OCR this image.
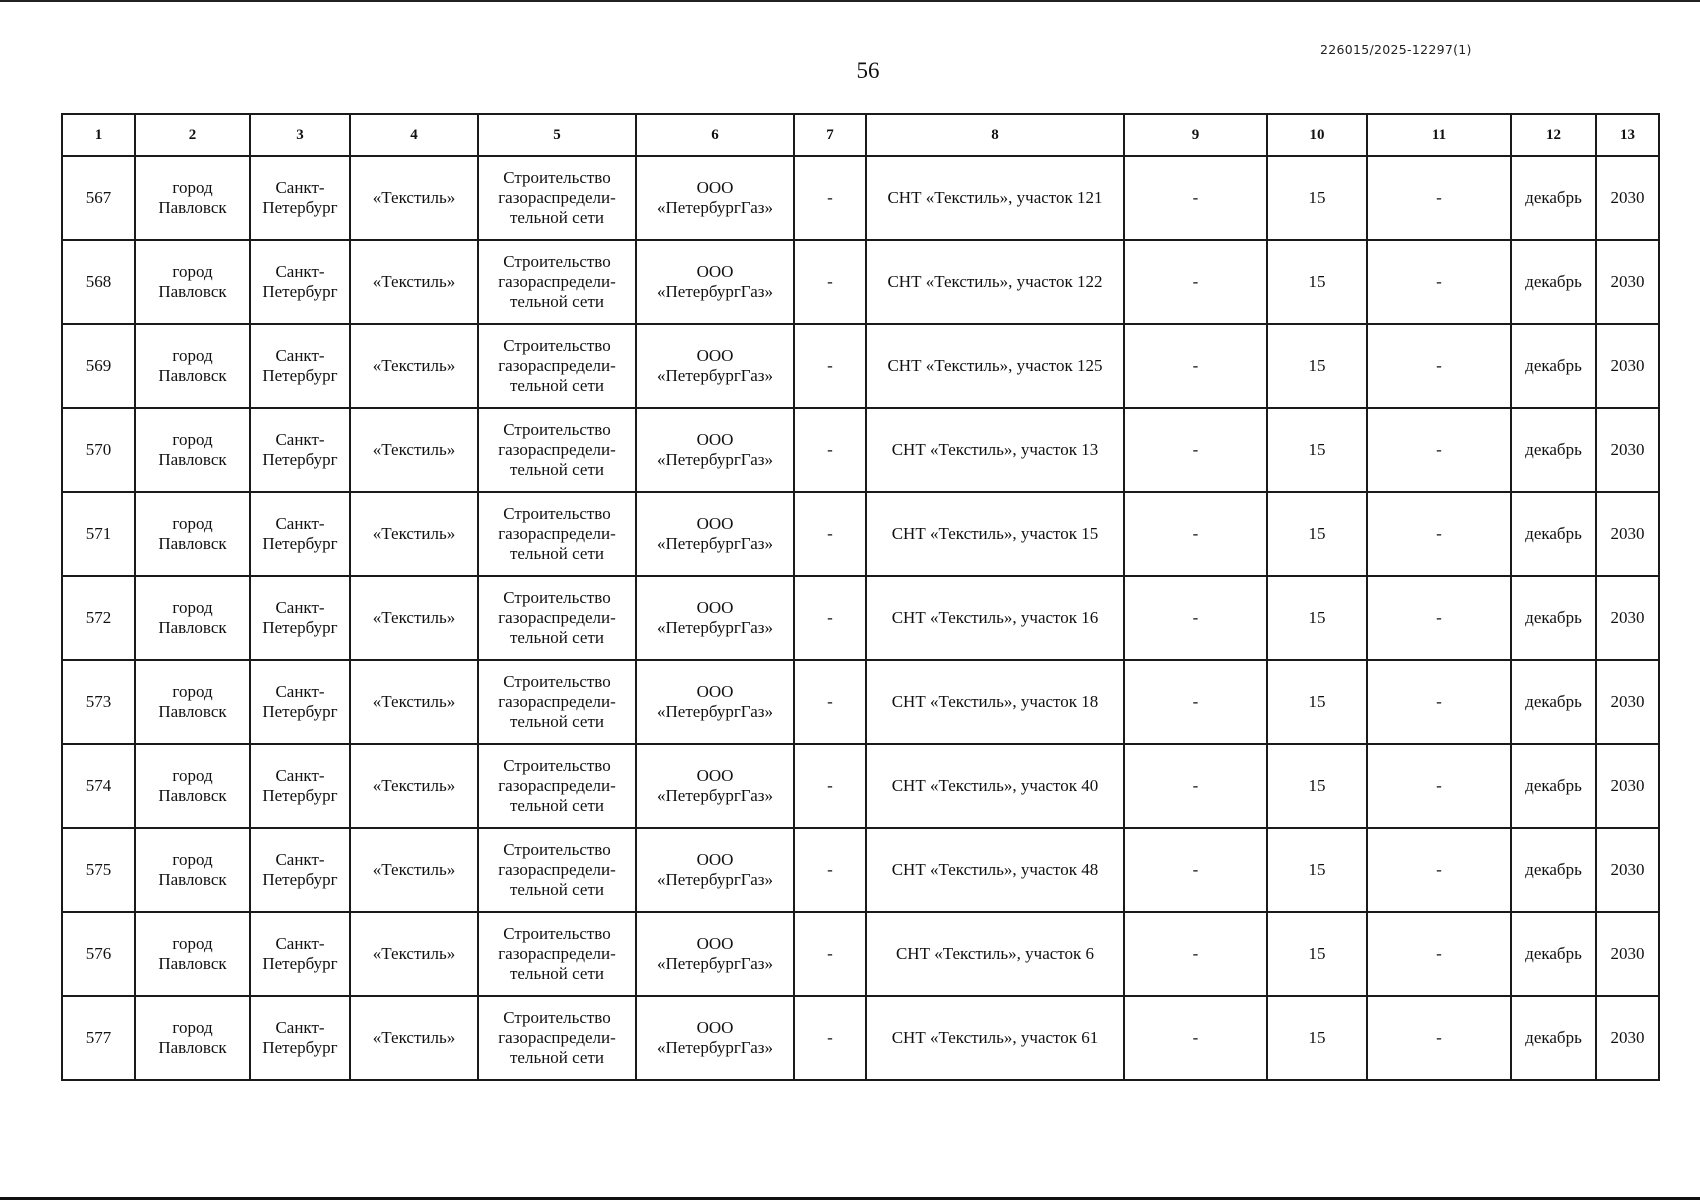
226015/2025-12297(1)
56
1	2	3	4	5	6	7	8	9	10	11	12	13
567	город Павловск	Санкт-Петербург	«Текстиль»	Строительство газораспредели-тельной сети	ООО «ПетербургГаз»	-	СНТ «Текстиль», участок 121	-	15	-	декабрь	2030
568	город Павловск	Санкт-Петербург	«Текстиль»	Строительство газораспредели-тельной сети	ООО «ПетербургГаз»	-	СНТ «Текстиль», участок 122	-	15	-	декабрь	2030
569	город Павловск	Санкт-Петербург	«Текстиль»	Строительство газораспредели-тельной сети	ООО «ПетербургГаз»	-	СНТ «Текстиль», участок 125	-	15	-	декабрь	2030
570	город Павловск	Санкт-Петербург	«Текстиль»	Строительство газораспредели-тельной сети	ООО «ПетербургГаз»	-	СНТ «Текстиль», участок 13	-	15	-	декабрь	2030
571	город Павловск	Санкт-Петербург	«Текстиль»	Строительство газораспредели-тельной сети	ООО «ПетербургГаз»	-	СНТ «Текстиль», участок 15	-	15	-	декабрь	2030
572	город Павловск	Санкт-Петербург	«Текстиль»	Строительство газораспредели-тельной сети	ООО «ПетербургГаз»	-	СНТ «Текстиль», участок 16	-	15	-	декабрь	2030
573	город Павловск	Санкт-Петербург	«Текстиль»	Строительство газораспредели-тельной сети	ООО «ПетербургГаз»	-	СНТ «Текстиль», участок 18	-	15	-	декабрь	2030
574	город Павловск	Санкт-Петербург	«Текстиль»	Строительство газораспредели-тельной сети	ООО «ПетербургГаз»	-	СНТ «Текстиль», участок 40	-	15	-	декабрь	2030
575	город Павловск	Санкт-Петербург	«Текстиль»	Строительство газораспредели-тельной сети	ООО «ПетербургГаз»	-	СНТ «Текстиль», участок 48	-	15	-	декабрь	2030
576	город Павловск	Санкт-Петербург	«Текстиль»	Строительство газораспредели-тельной сети	ООО «ПетербургГаз»	-	СНТ «Текстиль», участок 6	-	15	-	декабрь	2030
577	город Павловск	Санкт-Петербург	«Текстиль»	Строительство газораспредели-тельной сети	ООО «ПетербургГаз»	-	СНТ «Текстиль», участок 61	-	15	-	декабрь	2030
